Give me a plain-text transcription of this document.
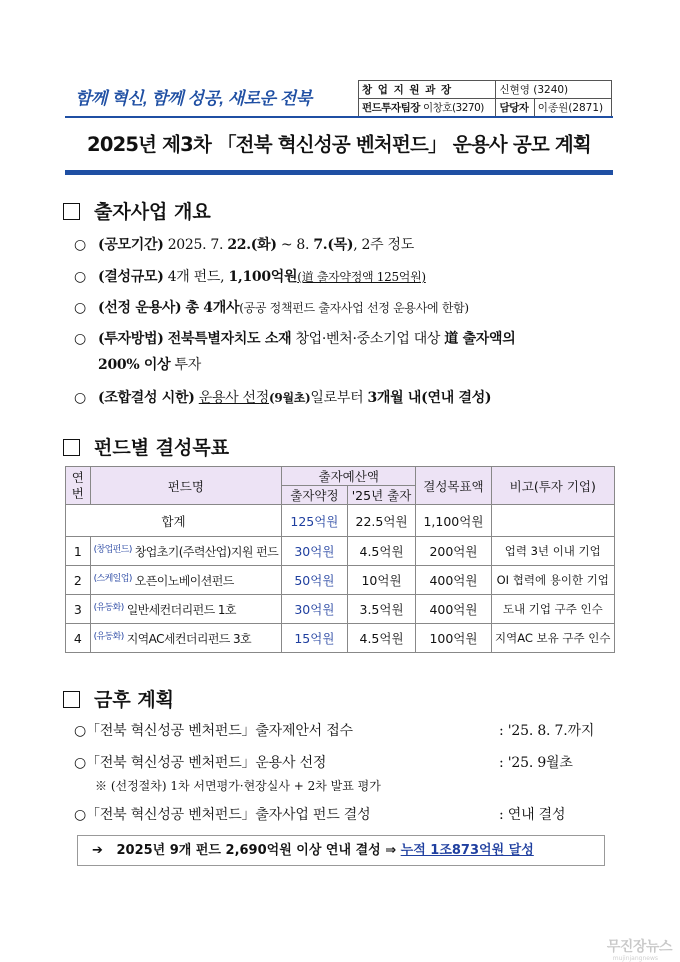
함께 혁신, 함께 성공, 새로운 전북	창 업 지 원 과 장	신현영 (3240)	
펀드투자팀장 이창호(3270)	담당자	이종원(2871)
2025년 제3차 「전북 혁신성공 벤처펀드」 운용사 공모 계획
출자사업 개요
○ (공모기간) 2025. 7. 22.(화) ~ 8. 7.(목), 2주 정도
○ (결성규모) 4개 펀드, 1,100억원(道 출자약정액 125억원)
○ (선정 운용사) 총 4개사(공공 정책펀드 출자사업 선정 운용사에 한함)
○ (투자방법) 전북특별자치도 소재 창업·벤처·중소기업 대상 道 출자액의
200% 이상 투자
○ (조합결성 시한) 운용사 선정(9월초)일로부터 3개월 내(연내 결성)
펀드별 결성목표
연
번	펀드명	출자예산액		결성목표액	비고(투자 기업)
		출자약정	'25년 출자		
합계		125억원	22.5억원	1,100억원	
1	$^{(창업펀드)}$ 창업초기(주력산업)지원 펀드	30억원	4.5억원	200억원	업력 3년 이내 기업
2	$^{(스케일업)}$ 오픈이노베이션펀드	50억원	10억원	400억원	OI 협력에 용이한 기업
3	$^{(유동화)}$ 일반세컨더리펀드 1호	30억원	3.5억원	400억원	도내 기업 구주 인수
4	$^{(유동화)}$ 지역AC세컨더리펀드 3호	15억원	4.5억원	100억원	지역AC 보유 구주 인수
금후 계획
○「전북 혁신성공 벤처펀드」출자제안서 접수	: '25. 8. 7.까지
○「전북 혁신성공 벤처펀드」운용사 선정	: '25. 9월초
※ (선정절차) 1차 서면평가·현장실사 + 2차 발표 평가
○「전북 혁신성공 벤처펀드」출자사업 펀드 결성	: 연내 결성
➔ 2025년 9개 펀드 2,690억원 이상 연내 결성 ⇒ 누적 1조873억원 달성
무진장뉴스
mujinjangnews
